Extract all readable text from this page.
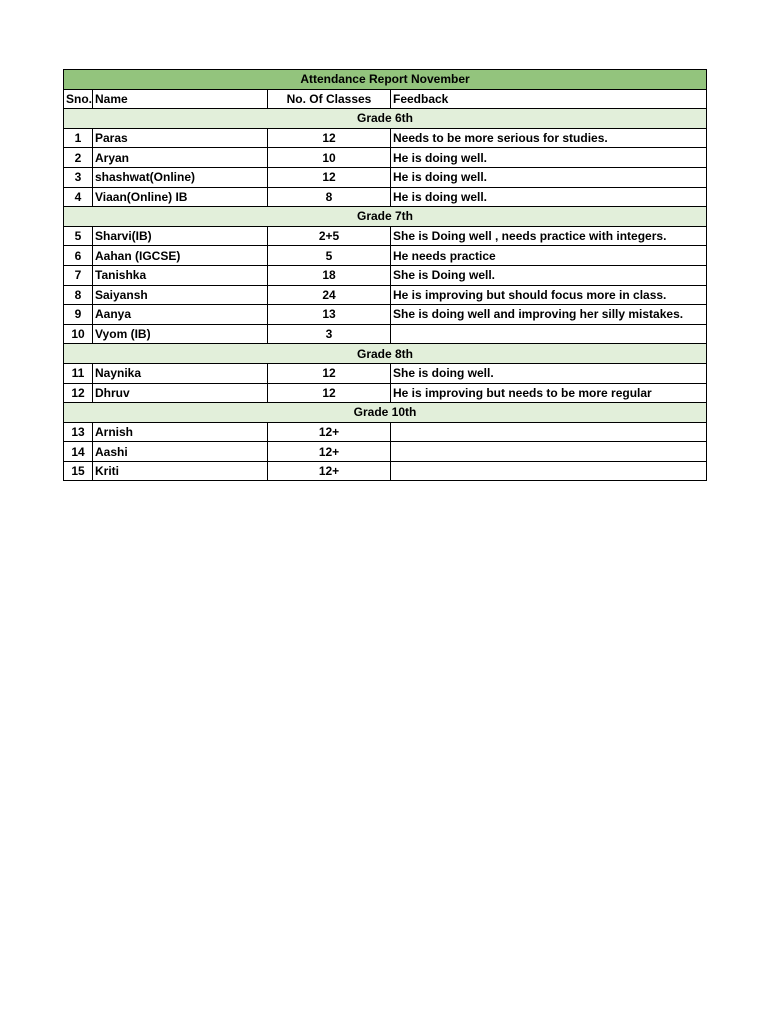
Attendance Report November			
Sno.	Name	No. Of Classes	Feedback
Grade 6th			
1	Paras	12	Needs to be more serious for studies.
2	Aryan	10	He is doing well.
3	shashwat(Online)	12	He is doing well.
4	Viaan(Online) IB	8	He is doing well.
Grade 7th			
5	Sharvi(IB)	2+5	She is Doing well , needs practice with integers.
6	Aahan (IGCSE)	5	He needs practice
7	Tanishka	18	She is Doing well.
8	Saiyansh	24	He is improving but should focus more in class.
9	Aanya	13	She is doing well and improving her silly mistakes.
10	Vyom (IB)	3	
Grade 8th			
11	Naynika	12	She is doing well.
12	Dhruv	12	He is improving but needs to be more regular
Grade 10th			
13	Arnish	12+	
14	Aashi	12+	
15	Kriti	12+	
